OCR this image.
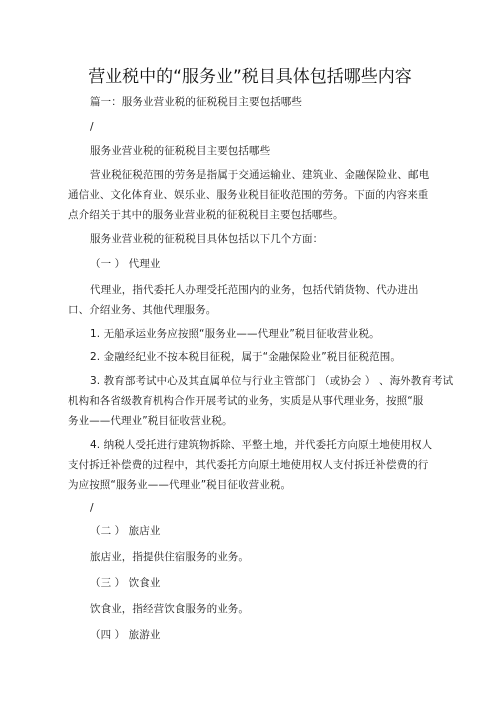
营业税中的“服务业”税目具体包括哪些内容
篇一：服务业营业税的征税税目主要包括哪些
/
服务业营业税的征税税目主要包括哪些
营业税征税范围的劳务是指属于交通运输业、建筑业、金融保险业、邮电
通信业、文化体育业、娱乐业、服务业税目征收范围的劳务。下面的内容来重
点介绍关于其中的服务业营业税的征税税目主要包括哪些。
服务业营业税的征税税目具体包括以下几个方面：
（一 ） 代理业
代理业，指代委托人办理受托范围内的业务，包括代销货物、代办进出
口、介绍业务、其他代理服务。
1. 无船承运业务应按照“服务业——代理业”税目征收营业税。
2. 金融经纪业不按本税目征税，属于“金融保险业”税目征税范围。
3. 教育部考试中心及其直属单位与行业主管部门 （或协会 ） 、海外教育考试
机构和各省级教育机构合作开展考试的业务，实质是从事代理业务，按照“服
务业——代理业”税目征收营业税。
4. 纳税人受托进行建筑物拆除、平整土地，并代委托方向原土地使用权人
支付拆迁补偿费的过程中，其代委托方向原土地使用权人支付拆迁补偿费的行
为应按照“服务业——代理业”税目征收营业税。
/
（二 ） 旅店业
旅店业，指提供住宿服务的业务。
（三 ） 饮食业
饮食业，指经营饮食服务的业务。
（四 ） 旅游业
